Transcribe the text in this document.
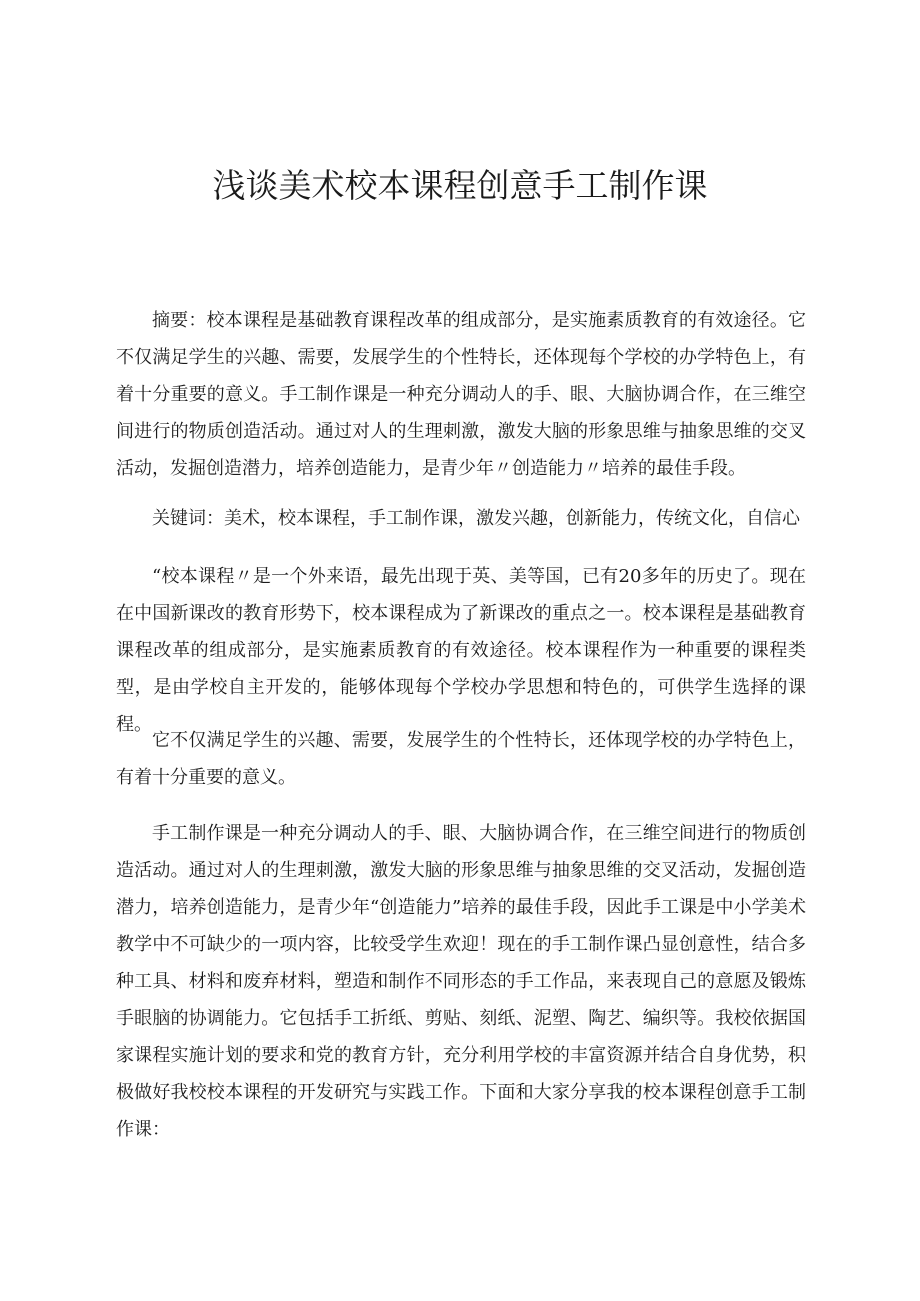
浅谈美术校本课程创意手工制作课

摘要：校本课程是基础教育课程改革的组成部分，是实施素质教育的有效途径。它不仅满足学生的兴趣、需要，发展学生的个性特长，还体现每个学校的办学特色上，有着十分重要的意义。手工制作课是一种充分调动人的手、眼、大脑协调合作，在三维空间进行的物质创造活动。通过对人的生理刺激，激发大脑的形象思维与抽象思维的交叉活动，发掘创造潜力，培养创造能力，是青少年〃创造能力〃培养的最佳手段。

关键词：美术，校本课程，手工制作课，激发兴趣，创新能力，传统文化，自信心

“校本课程〃是一个外来语，最先出现于英、美等国，已有20多年的历史了。现在在中国新课改的教育形势下，校本课程成为了新课改的重点之一。校本课程是基础教育课程改革的组成部分，是实施素质教育的有效途径。校本课程作为一种重要的课程类型，是由学校自主开发的，能够体现每个学校办学思想和特色的，可供学生选择的课程。

它不仅满足学生的兴趣、需要，发展学生的个性特长，还体现学校的办学特色上，有着十分重要的意义。

手工制作课是一种充分调动人的手、眼、大脑协调合作，在三维空间进行的物质创造活动。通过对人的生理刺激，激发大脑的形象思维与抽象思维的交叉活动，发掘创造潜力，培养创造能力，是青少年“创造能力”培养的最佳手段，因此手工课是中小学美术教学中不可缺少的一项内容，比较受学生欢迎！现在的手工制作课凸显创意性，结合多种工具、材料和废弃材料，塑造和制作不同形态的手工作品，来表现自己的意愿及锻炼手眼脑的协调能力。它包括手工折纸、剪贴、刻纸、泥塑、陶艺、编织等。我校依据国家课程实施计划的要求和党的教育方针，充分利用学校的丰富资源并结合自身优势，积极做好我校校本课程的开发研究与实践工作。下面和大家分享我的校本课程创意手工制作课：
